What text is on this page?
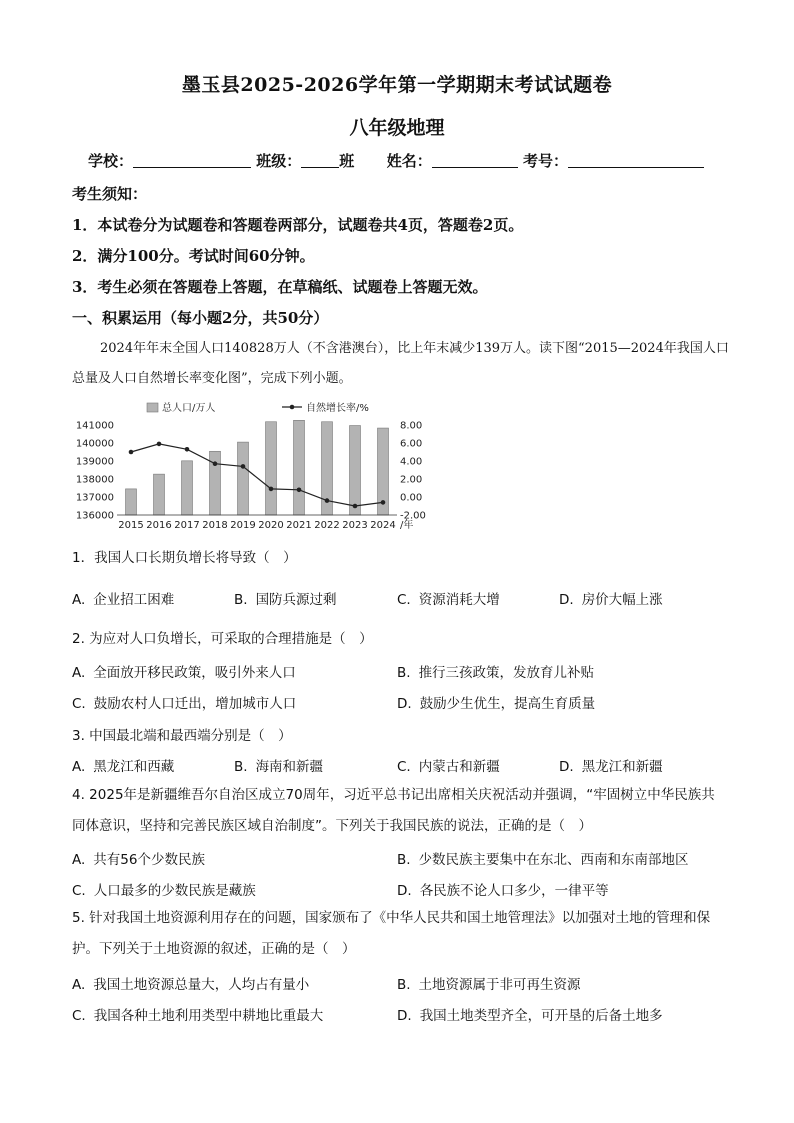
墨玉县2025-2026学年第一学期期末考试试题卷
八年级地理
学校：	班级：	班 姓名：	考号：
考生须知：
1．本试卷分为试题卷和答题卷两部分，试题卷共4页，答题卷2页。
2．满分100分。考试时间60分钟。
3．考生必须在答题卷上答题，在草稿纸、试题卷上答题无效。
一、积累运用（每小题2分，共50分）
2024年年末全国人口140828万人（不含港澳台），比上年末减少139万人。读下图“2015—2024年我国人口总量及人口自然增长率变化图”，完成下列小题。
总人口/万人	自然增长率/%
136000
137000
138000
139000
140000
141000
-2.00
0.00
2.00
4.00
6.00
8.00
2015 2016 2017 2018 2019 2020 2021 2022 2023 2024 /年
1．我国人口长期负增长将导致（　）
A. 企业招工困难	B. 国防兵源过剩	C. 资源消耗大增	D. 房价大幅上涨
2. 为应对人口负增长，可采取的合理措施是（　）
A. 全面放开移民政策，吸引外来人口	B. 推行三孩政策，发放育儿补贴
C. 鼓励农村人口迁出，增加城市人口	D. 鼓励少生优生，提高生育质量
3. 中国最北端和最西端分别是（　）
A. 黑龙江和西藏	B. 海南和新疆	C. 内蒙古和新疆	D. 黑龙江和新疆
4. 2025年是新疆维吾尔自治区成立70周年，习近平总书记出席相关庆祝活动并强调，“牢固树立中华民族共同体意识，坚持和完善民族区域自治制度”。下列关于我国民族的说法，正确的是（　）
A. 共有56个少数民族	B. 少数民族主要集中在东北、西南和东南部地区
C. 人口最多的少数民族是藏族	D. 各民族不论人口多少，一律平等
5. 针对我国土地资源利用存在的问题，国家颁布了《中华人民共和国土地管理法》以加强对土地的管理和保护。下列关于土地资源的叙述，正确的是（　）
A. 我国土地资源总量大，人均占有量小	B. 土地资源属于非可再生资源
C. 我国各种土地利用类型中耕地比重最大	D. 我国土地类型齐全，可开垦的后备土地多
